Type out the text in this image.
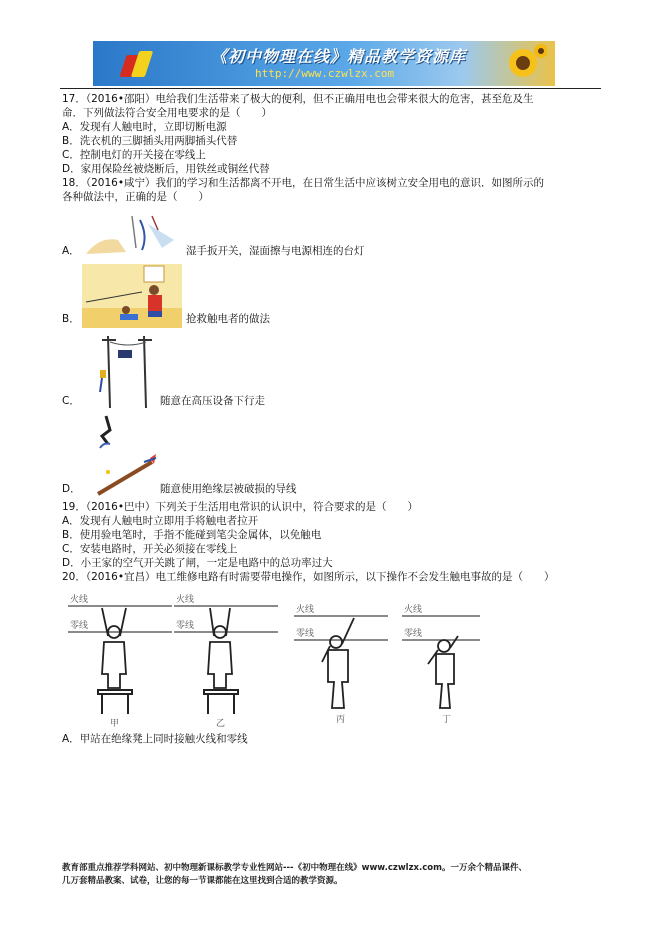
《初中物理在线》精品教学资源库
http://www.czwlzx.com
17．（2016•邵阳）电给我们生活带来了极大的便利，但不正确用电也会带来很大的危害，甚至危及生
命．下列做法符合安全用电要求的是（　　）
A．发现有人触电时，立即切断电源
B．洗衣机的三脚插头用两脚插头代替
C．控制电灯的开关接在零线上
D．家用保险丝被烧断后，用铁丝或铜丝代替
18．（2016•咸宁）我们的学习和生活都离不开电，在日常生活中应该树立安全用电的意识．如图所示的
各种做法中，正确的是（　　）
A．	湿手扳开关，湿面擦与电源相连的台灯
B．	抢救触电者的做法
C．	随意在高压设备下行走
D．	随意使用绝缘层被破损的导线
19．（2016•巴中）下列关于生活用电常识的认识中，符合要求的是（　　）
A．发现有人触电时立即用手将触电者拉开
B．使用验电笔时，手指不能碰到笔尖金属体，以免触电
C．安装电路时，开关必须接在零线上
D．小王家的空气开关跳了闸，一定是电路中的总功率过大
20．（2016•宜昌）电工维修电路有时需要带电操作，如图所示，以下操作不会发生触电事故的是（　　）
火线
零线
甲
火线
零线
乙
火线
零线
丙
火线
零线
丁
A．甲站在绝缘凳上同时接触火线和零线
教育部重点推荐学科网站、初中物理新课标教学专业性网站---《初中物理在线》www.czwlzx.com。一万余个精品课件、
几万套精品教案、试卷，让您的每一节课都能在这里找到合适的教学资源。
